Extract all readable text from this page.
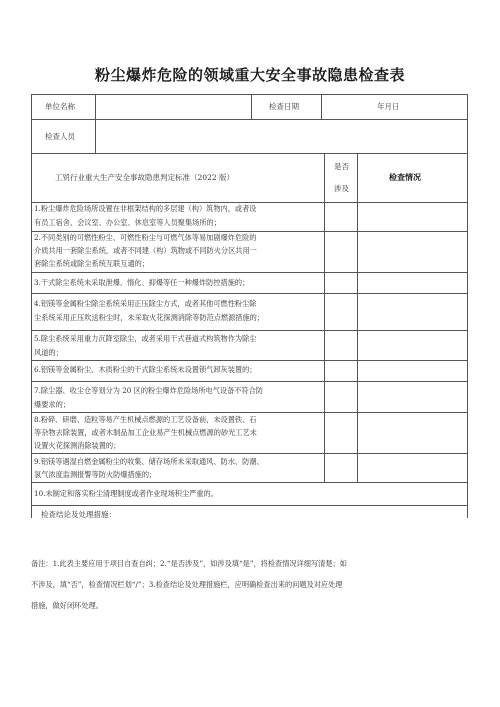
粉尘爆炸危险的领域重大安全事故隐患检查表
单位名称	检查日期	年月日
检查人员
工贸行业重大生产安全事故隐患判定标准（2022 版）
是否
涉及
检查情况
1.粉尘爆炸危险场所设置在非框架结构的多层建（构）筑物内，或者设
有员工宿舍、会议室、办公室、休息室等人员聚集场所的；
2.不同类别的可燃性粉尘、可燃性粉尘与可燃气体等易加剧爆炸危险的
介质共用一套除尘系统，或者不同建（构）筑物或不同防火分区共用一
套除尘系统或除尘系统互联互通的；
3.干式除尘系统未采取泄爆、惰化、抑爆等任一种爆炸防控措施的；
4.铝镁等金属粉尘除尘系统采用正压除尘方式，或者其他可燃性粉尘除
尘系统采用正压吹送粉尘时，未采取火花探测消除等防范点燃源措施的；
5.除尘系统采用重力沉降室除尘，或者采用干式巷道式构筑物作为除尘
风道的；
6.铝镁等金属粉尘、木质粉尘的干式除尘系统未设置锁气卸灰装置的；
7.除尘器、收尘仓等划分为 20 区的粉尘爆炸危险场所电气设备不符合防
爆要求的；
8.粉碎、研磨、造粒等易产生机械点燃源的工艺设备前，未设置铁、石
等杂物去除装置，或者木制品加工企业易产生机械点燃源的砂光工艺未
设置火花探测消除装置的；
9.铝镁等遇湿自燃金属粉尘的收集、储存场所未采取通风、防水、防潮、
氢气浓度监测报警等防火防爆措施的；
10.未制定和落实粉尘清理制度或者作业现场积尘严重的。
检查结论及处理措施：
备注：1.此表主要应用于项目自查自纠；2.“是否涉及”，如涉及填“是”，将检查情况详细写清楚；如
不涉及，填“否”，检查情况栏划“/”；3.检查结论及处理措施栏，应明确检查出来的问题及对应处理
措施，做好闭环处理。
